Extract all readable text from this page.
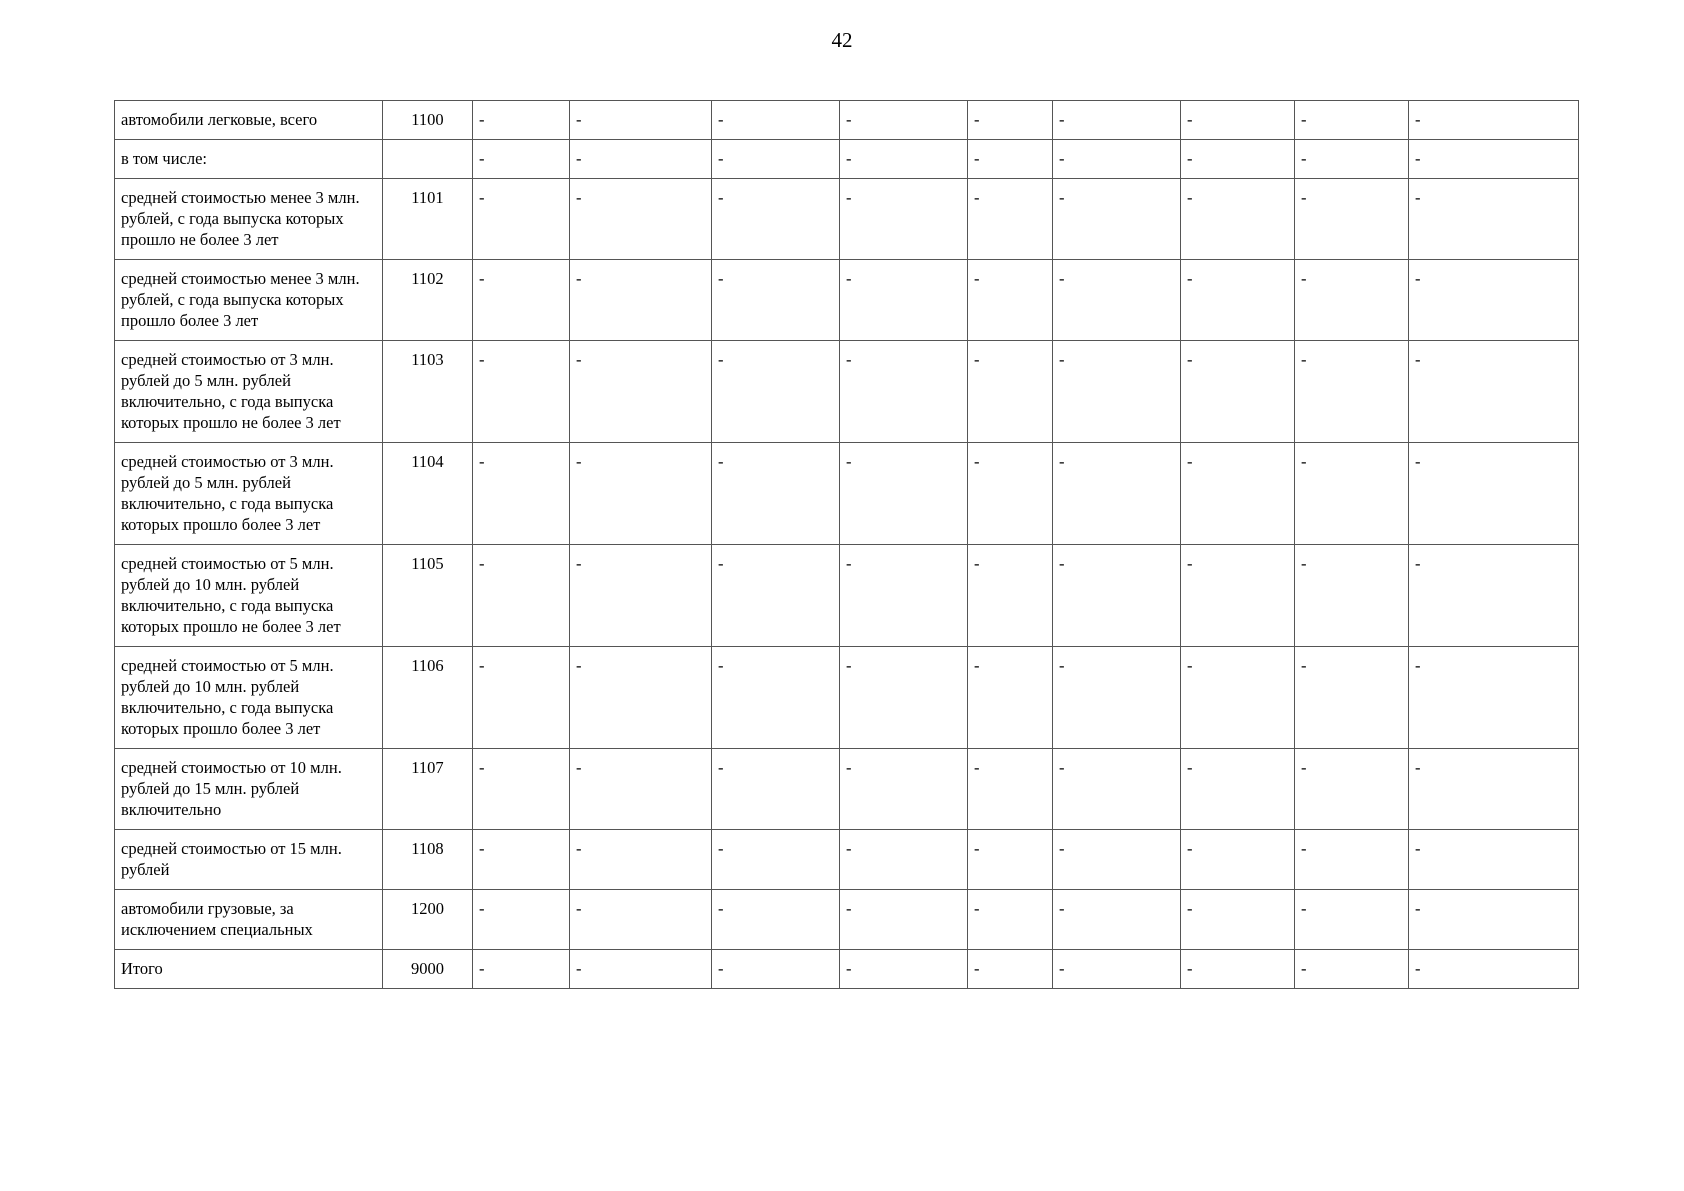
42
автомобили легковые, всего	1100	-	-	-	-	-	-	-	-	-
в том числе:		-	-	-	-	-	-	-	-	-
средней стоимостью менее 3 млн. рублей, с года выпуска которых прошло не более 3 лет	1101	-	-	-	-	-	-	-	-	-
средней стоимостью менее 3 млн. рублей, с года выпуска которых прошло более 3 лет	1102	-	-	-	-	-	-	-	-	-
средней стоимостью от 3 млн. рублей до 5 млн. рублей включительно, с года выпуска которых прошло не более 3 лет	1103	-	-	-	-	-	-	-	-	-
средней стоимостью от 3 млн. рублей до 5 млн. рублей включительно, с года выпуска которых прошло более 3 лет	1104	-	-	-	-	-	-	-	-	-
средней стоимостью от 5 млн. рублей до 10 млн. рублей включительно, с года выпуска которых прошло не более 3 лет	1105	-	-	-	-	-	-	-	-	-
средней стоимостью от 5 млн. рублей до 10 млн. рублей включительно, с года выпуска которых прошло более 3 лет	1106	-	-	-	-	-	-	-	-	-
средней стоимостью от 10 млн. рублей до 15 млн. рублей включительно	1107	-	-	-	-	-	-	-	-	-
средней стоимостью от 15 млн. рублей	1108	-	-	-	-	-	-	-	-	-
автомобили грузовые, за исключением специальных	1200	-	-	-	-	-	-	-	-	-
Итого	9000	-	-	-	-	-	-	-	-	-
